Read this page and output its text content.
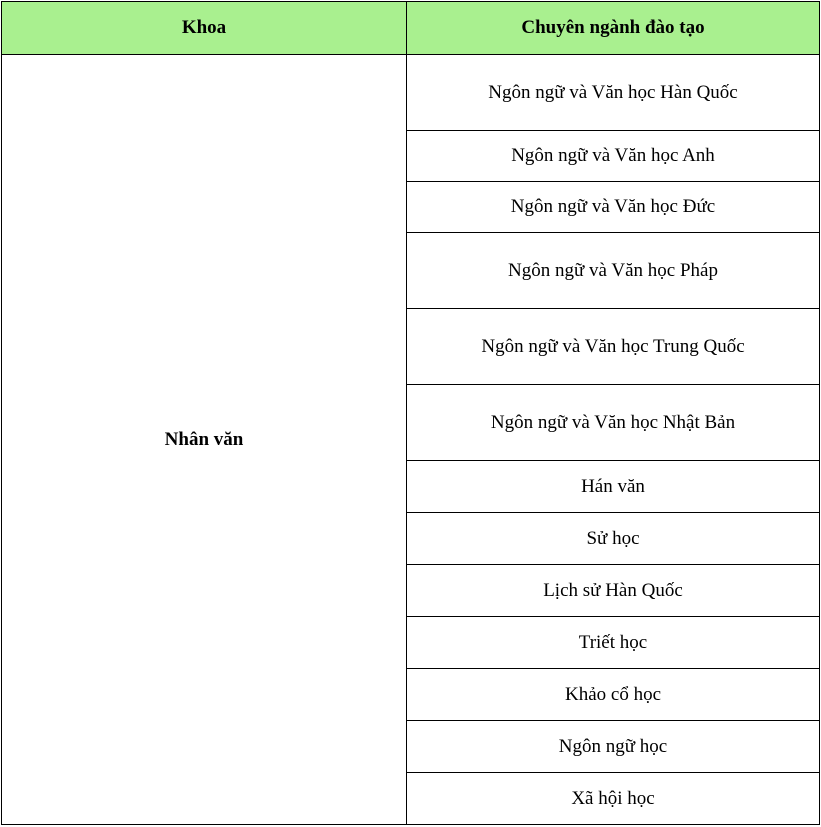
Khoa	Chuyên ngành đào tạo
Nhân văn	Ngôn ngữ và Văn học Hàn Quốc
	Ngôn ngữ và Văn học Anh
	Ngôn ngữ và Văn học Đức
	Ngôn ngữ và Văn học Pháp
	Ngôn ngữ và Văn học Trung Quốc
	Ngôn ngữ và Văn học Nhật Bản
	Hán văn
	Sử học
	Lịch sử Hàn Quốc
	Triết học
	Khảo cổ học
	Ngôn ngữ học
	Xã hội học
